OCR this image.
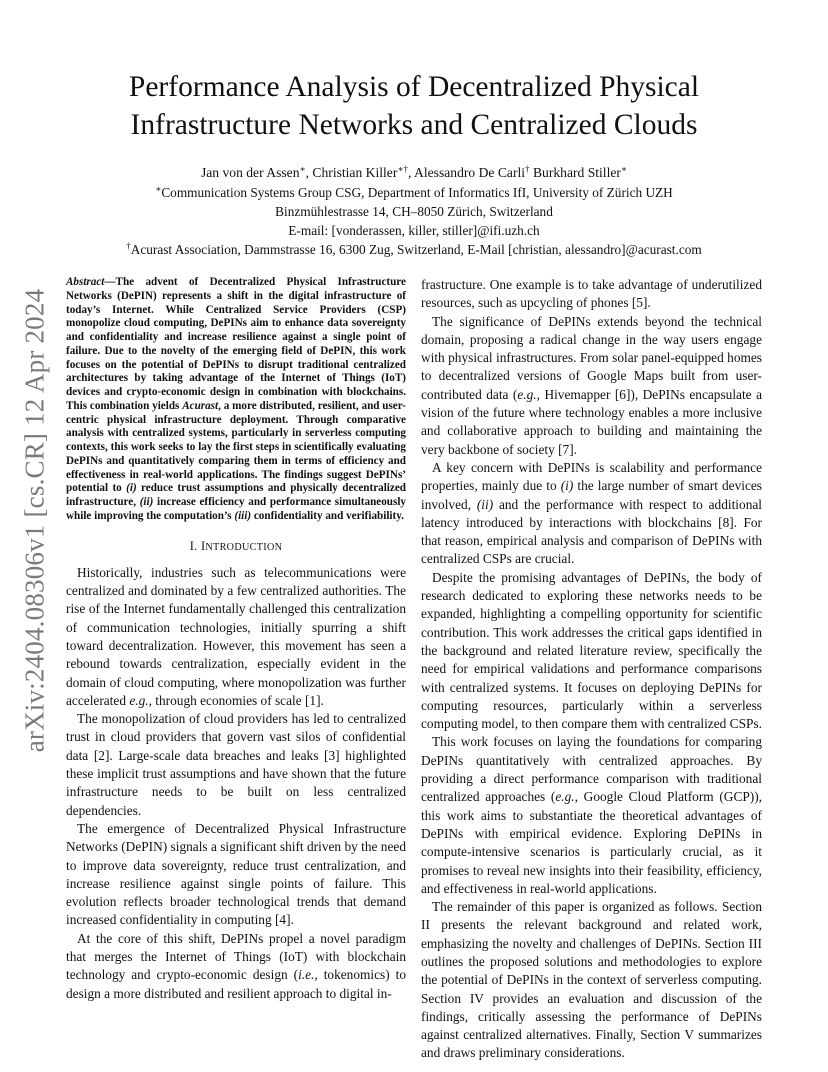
arXiv:2404.08306v1 [cs.CR] 12 Apr 2024
Performance Analysis of Decentralized Physical
Infrastructure Networks and Centralized Clouds
Jan von der Assen∗, Christian Killer∗†, Alessandro De Carli† Burkhard Stiller∗
∗Communication Systems Group CSG, Department of Informatics IfI, University of Zürich UZH
Binzmühlestrasse 14, CH–8050 Zürich, Switzerland
E-mail: [vonderassen, killer, stiller]@ifi.uzh.ch
†Acurast Association, Dammstrasse 16, 6300 Zug, Switzerland, E-Mail [christian, alessandro]@acurast.com

Abstract—The advent of Decentralized Physical Infrastructure Networks (DePIN) represents a shift in the digital infrastructure of today’s Internet. While Centralized Service Providers (CSP) monopolize cloud computing, DePINs aim to enhance data sovereignty and confidentiality and increase resilience against a single point of failure. Due to the novelty of the emerging field of DePIN, this work focuses on the potential of DePINs to disrupt traditional centralized architectures by taking advantage of the Internet of Things (IoT) devices and crypto-economic design in combination with blockchains. This combination yields Acurast, a more distributed, resilient, and user-centric physical infrastructure deployment. Through comparative analysis with centralized systems, particularly in serverless computing contexts, this work seeks to lay the first steps in scientifically evaluating DePINs and quantitatively comparing them in terms of efficiency and effectiveness in real-world applications. The findings suggest DePINs’ potential to (i) reduce trust assumptions and physically decentralized infrastructure, (ii) increase efficiency and performance simultaneously while improving the computation’s (iii) confidentiality and verifiability.

I. INTRODUCTION

Historically, industries such as telecommunications were centralized and dominated by a few centralized authorities. The rise of the Internet fundamentally challenged this centralization of communication technologies, initially spurring a shift toward decentralization. However, this movement has seen a rebound towards centralization, especially evident in the domain of cloud computing, where monopolization was further accelerated e.g., through economies of scale [1].

The monopolization of cloud providers has led to centralized trust in cloud providers that govern vast silos of confidential data [2]. Large-scale data breaches and leaks [3] highlighted these implicit trust assumptions and have shown that the future infrastructure needs to be built on less centralized dependencies.

The emergence of Decentralized Physical Infrastructure Networks (DePIN) signals a significant shift driven by the need to improve data sovereignty, reduce trust centralization, and increase resilience against single points of failure. This evolution reflects broader technological trends that demand increased confidentiality in computing [4].

At the core of this shift, DePINs propel a novel paradigm that merges the Internet of Things (IoT) with blockchain technology and crypto-economic design (i.e., tokenomics) to design a more distributed and resilient approach to digital in-

frastructure. One example is to take advantage of underutilized resources, such as upcycling of phones [5].

The significance of DePINs extends beyond the technical domain, proposing a radical change in the way users engage with physical infrastructures. From solar panel-equipped homes to decentralized versions of Google Maps built from user-contributed data (e.g., Hivemapper [6]), DePINs encapsulate a vision of the future where technology enables a more inclusive and collaborative approach to building and maintaining the very backbone of society [7].

A key concern with DePINs is scalability and performance properties, mainly due to (i) the large number of smart devices involved, (ii) and the performance with respect to additional latency introduced by interactions with blockchains [8]. For that reason, empirical analysis and comparison of DePINs with centralized CSPs are crucial.

Despite the promising advantages of DePINs, the body of research dedicated to exploring these networks needs to be expanded, highlighting a compelling opportunity for scientific contribution. This work addresses the critical gaps identified in the background and related literature review, specifically the need for empirical validations and performance comparisons with centralized systems. It focuses on deploying DePINs for computing resources, particularly within a serverless computing model, to then compare them with centralized CSPs.

This work focuses on laying the foundations for comparing DePINs quantitatively with centralized approaches. By providing a direct performance comparison with traditional centralized approaches (e.g., Google Cloud Platform (GCP)), this work aims to substantiate the theoretical advantages of DePINs with empirical evidence. Exploring DePINs in compute-intensive scenarios is particularly crucial, as it promises to reveal new insights into their feasibility, efficiency, and effectiveness in real-world applications.

The remainder of this paper is organized as follows. Section II presents the relevant background and related work, emphasizing the novelty and challenges of DePINs. Section III outlines the proposed solutions and methodologies to explore the potential of DePINs in the context of serverless computing. Section IV provides an evaluation and discussion of the findings, critically assessing the performance of DePINs against centralized alternatives. Finally, Section V summarizes and draws preliminary considerations.
